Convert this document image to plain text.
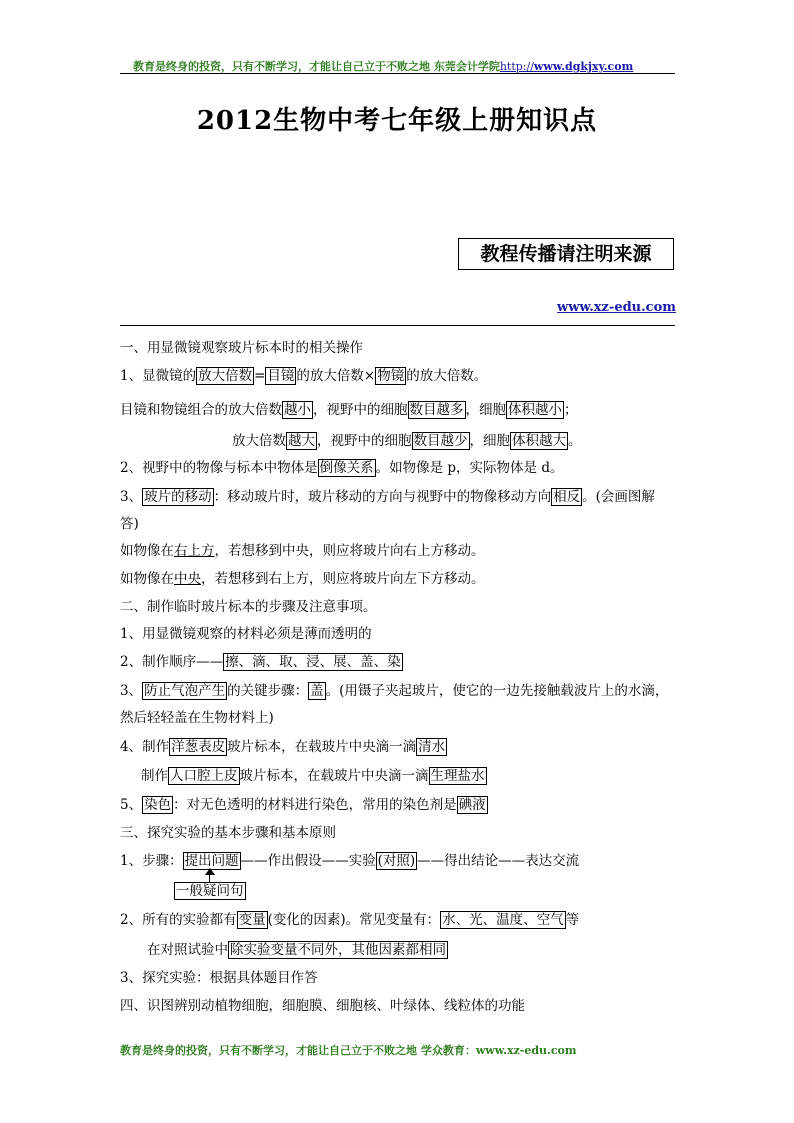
教育是终身的投资，只有不断学习，才能让自己立于不败之地 东莞会计学院http://www.dgkjxy.com
2012生物中考七年级上册知识点
教程传播请注明来源
www.xz-edu.com
一、用显微镜观察玻片标本时的相关操作
1、显微镜的 放大倍数 = 目镜 的放大倍数× 物镜 的放大倍数。
目镜和物镜组合的放大倍数 越小 ，视野中的细胞 数目越多 ，细胞 体积越小 ；
放大倍数 越大 ，视野中的细胞 数目越少 ，细胞 体积越大 。
2、视野中的物像与标本中物体是 倒像关系 。如物像是 p，实际物体是 d。
3、 玻片的移动 ：移动玻片时，玻片移动的方向与视野中的物像移动方向 相反 。(会画图解
答)
如物像在右上方，若想移到中央，则应将玻片向右上方移动。
如物像在中央，若想移到右上方，则应将玻片向左下方移动。
二、制作临时玻片标本的步骤及注意事项。
1、用显微镜观察的材料必须是薄而透明的
2、制作顺序—— 擦、滴、取、浸、展、盖、染
3、 防止气泡产生 的关键步骤： 盖 。(用镊子夹起玻片，使它的一边先接触载波片上的水滴，
然后轻轻盖在生物材料上)
4、制作 洋葱表皮 玻片标本，在载玻片中央滴一滴 清水
制作 人口腔上皮 玻片标本，在载玻片中央滴一滴 生理盐水
5、 染色 ：对无色透明的材料进行染色，常用的染色剂是 碘液
三、探究实验的基本步骤和基本原则
1、步骤： 提出问题 ——作出假设——实验 (对照) ——得出结论——表达交流
一般疑问句
2、所有的实验都有 变量 (变化的因素)。常见变量有： 水、光、温度、空气 等
在对照试验中 除实验变量不同外，其他因素都相同
3、探究实验：根据具体题目作答
四、识图辨别动植物细胞，细胞膜、细胞核、叶绿体、线粒体的功能
教育是终身的投资，只有不断学习，才能让自己立于不败之地 学众教育：www.xz-edu.com
